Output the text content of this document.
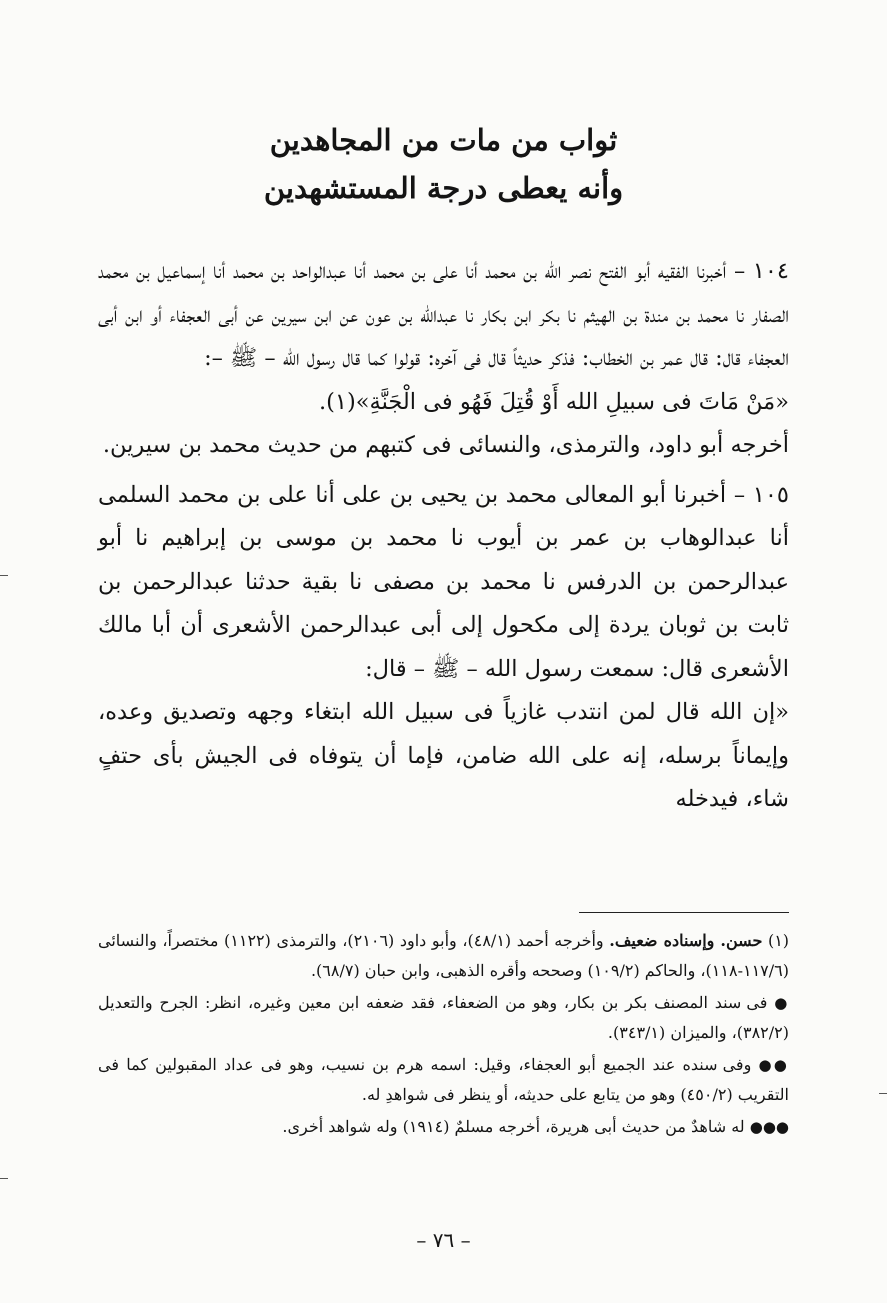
ثواب من مات من المجاهدين
وأنه يعطى درجة المستشهدين

١٠٤ – أخبرنا الفقيه أبو الفتح نصر الله بن محمد أنا على بن محمد أنا عبدالواحد بن محمد أنا إسماعيل بن محمد الصفار نا محمد بن مندة بن الهيثم نا بكر ابن بكار نا عبدالله بن عون عن ابن سيرين عن أبى العجفاء أو ابن أبى العجفاء قال: قال عمر بن الخطاب: فذكر حديثاً قال فى آخره: قولوا كما قال رسول الله – ﷺ –:

«مَنْ مَاتَ فى سبيلِ الله أَوْ قُتِلَ فَهُو فى الْجَنَّةِ»(١).

أخرجه أبو داود، والترمذى، والنسائى فى كتبهم من حديث محمد بن سيرين.

١٠٥ – أخبرنا أبو المعالى محمد بن يحيى بن على أنا على بن محمد السلمى أنا عبدالوهاب بن عمر بن أيوب نا محمد بن موسى بن إبراهيم نا أبو عبدالرحمن بن الدرفس نا محمد بن مصفى نا بقية حدثنا عبدالرحمن بن ثابت بن ثوبان يردة إلى مكحول إلى أبى عبدالرحمن الأشعرى أن أبا مالك الأشعرى قال: سمعت رسول الله – ﷺ – قال:

«إن الله قال لمن انتدب غازياً فى سبيل الله ابتغاء وجهه وتصديق وعده، وإيماناً برسله، إنه على الله ضامن، فإما أن يتوفاه فى الجيش بأى حتفٍ شاء، فيدخله

(١) حسن. وإسناده ضعيف. وأخرجه أحمد (٤٨/١)، وأبو داود (٢١٠٦)، والترمذى (١١٢٢) مختصراً، والنسائى (١١٧/٦-١١٨)، والحاكم (١٠٩/٢) وصححه وأقره الذهبى، وابن حبان (٦٨/٧).

● فى سند المصنف بكر بن بكار، وهو من الضعفاء، فقد ضعفه ابن معين وغيره، انظر: الجرح والتعديل (٣٨٢/٢)، والميزان (٣٤٣/١).

●● وفى سنده عند الجميع أبو العجفاء، وقيل: اسمه هرم بن نسيب، وهو فى عداد المقبولين كما فى التقريب (٤٥٠/٢) وهو من يتابع على حديثه، أو ينظر فى شواهدِ له.

●●● له شاهدٌ من حديث أبى هريرة، أخرجه مسلمٌ (١٩١٤) وله شواهد أخرى.

– ٧٦ –
